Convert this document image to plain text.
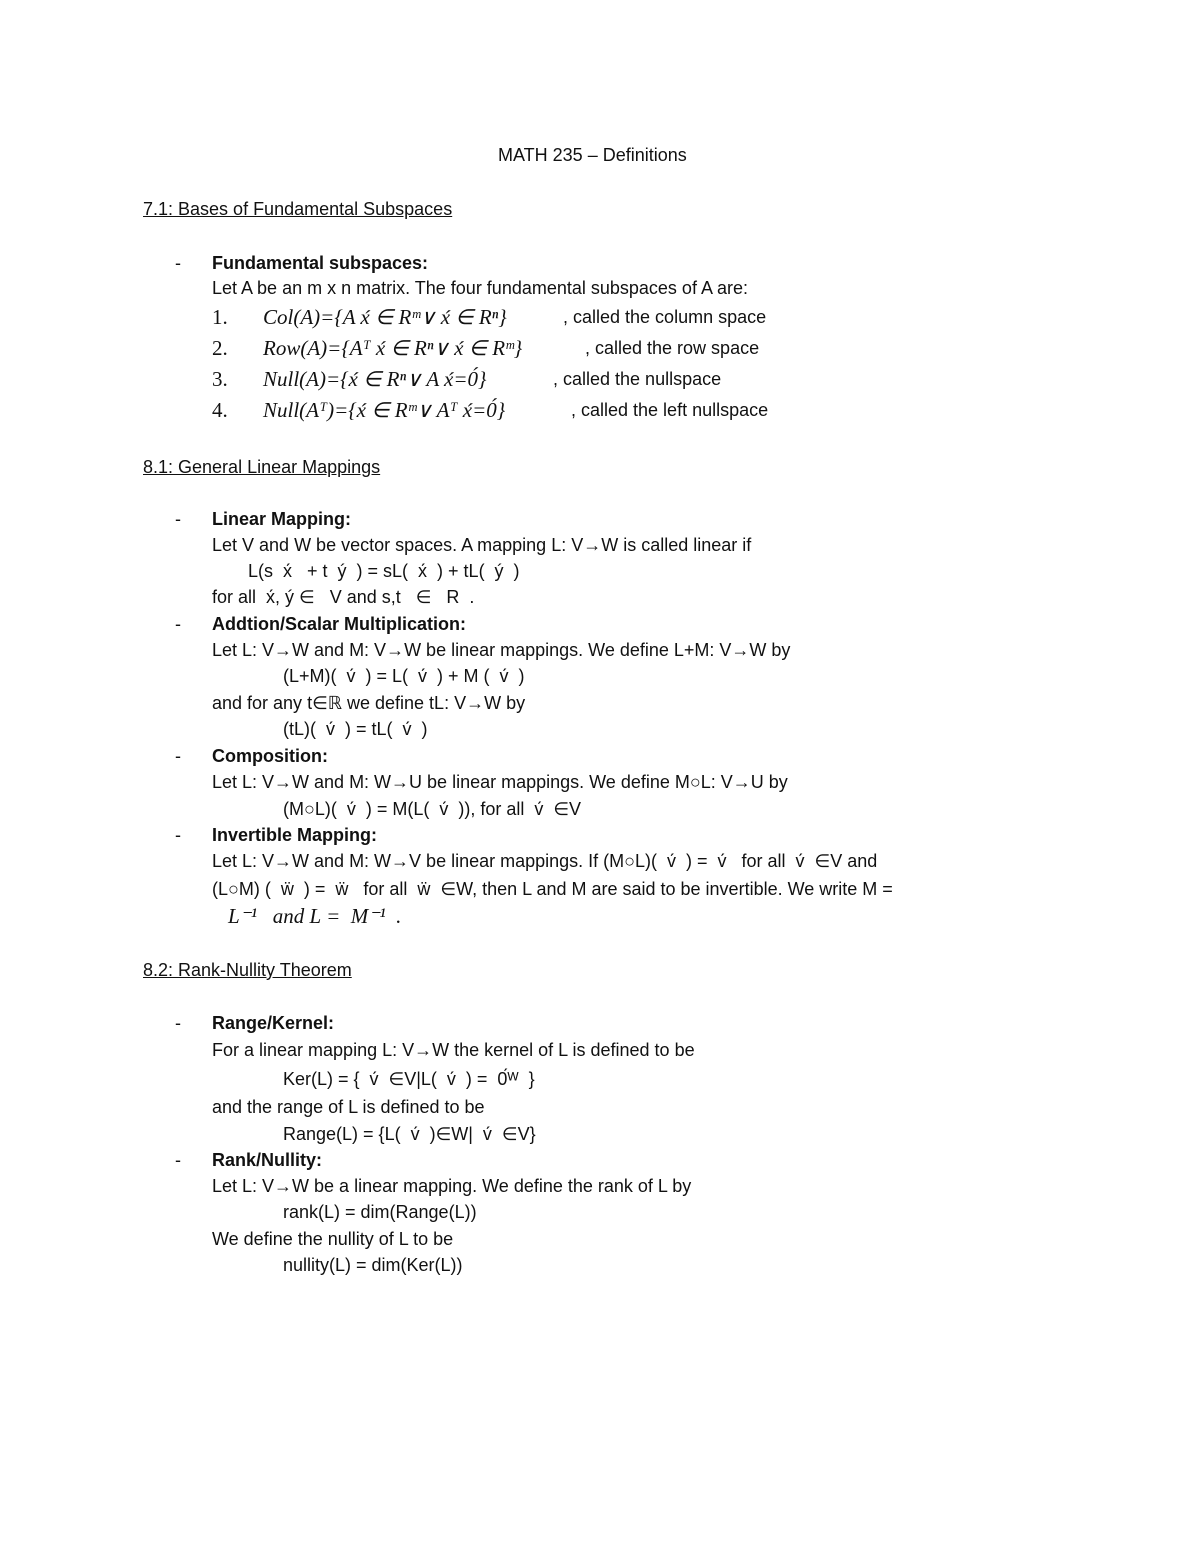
MATH 235 – Definitions
7.1: Bases of Fundamental Subspaces
- Fundamental subspaces:
Let A be an m x n matrix. The four fundamental subspaces of A are:
1. Col(A)={A x́ ∈ Rᵐ∨ x́ ∈ Rⁿ}	, called the column space
2. Row(A)={Aᵀ x́ ∈ Rⁿ∨ x́ ∈ Rᵐ}	, called the row space
3. Null(A)={x́ ∈ Rⁿ∨ A x́=0́}	, called the nullspace
4. Null(Aᵀ)={x́ ∈ Rᵐ∨ Aᵀ x́=0́}	, called the left nullspace
8.1: General Linear Mappings
- Linear Mapping:
Let V and W be vector spaces. A mapping L: V→W is called linear if
L(s  x́   + t  ý  ) = sL(  x́  ) + tL(  ý  )
for all  x́, ý ∈   V and s,t   ∈   R  .
- Addtion/Scalar Multiplication:
Let L: V→W and M: V→W be linear mappings. We define L+M: V→W by
(L+M)(  v́  ) = L(  v́  ) + M (  v́  )
and for any t∈ℝ we define tL: V→W by
(tL)(  v́  ) = tL(  v́  )
- Composition:
Let L: V→W and M: W→U be linear mappings. We define M○L: V→U by
(M○L)(  v́  ) = M(L(  v́  )), for all  v́  ∈V
- Invertible Mapping:
Let L: V→W and M: W→V be linear mappings. If (M○L)(  v́  ) =  v́   for all  v́  ∈V and
(L○M) (  ẅ  ) =  ẅ   for all  ẅ  ∈W, then L and M are said to be invertible. We write M =
L⁻¹   and L =  M⁻¹  .
8.2: Rank-Nullity Theorem
- Range/Kernel:
For a linear mapping L: V→W the kernel of L is defined to be
Ker(L) = {  v́  ∈V|L(  v́  ) =  0́ᵂ  }
and the range of L is defined to be
Range(L) = {L(  v́  )∈W|  v́  ∈V}
- Rank/Nullity:
Let L: V→W be a linear mapping. We define the rank of L by
rank(L) = dim(Range(L))
We define the nullity of L to be
nullity(L) = dim(Ker(L))
